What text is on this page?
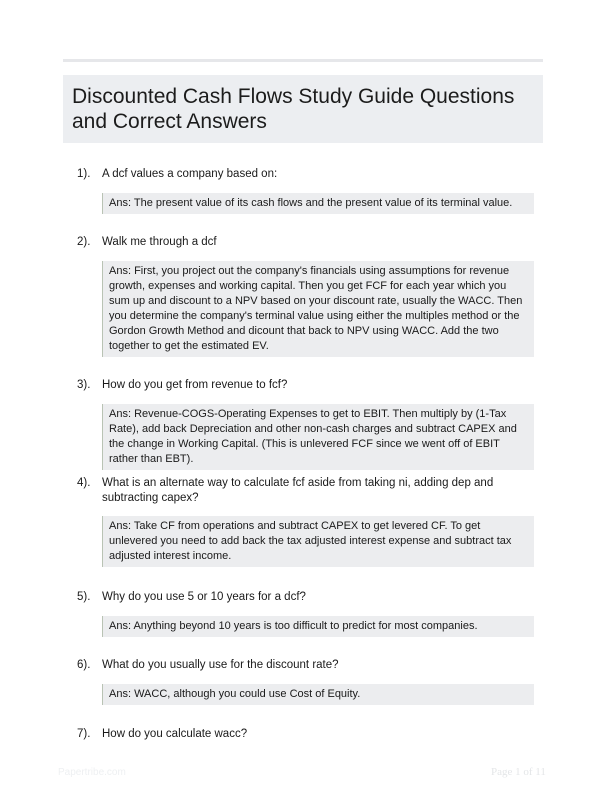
Discounted Cash Flows Study Guide Questions and Correct Answers
1). A dcf values a company based on:
Ans: The present value of its cash flows and the present value of its terminal value.
2). Walk me through a dcf
Ans: First, you project out the company's financials using assumptions for revenue growth, expenses and working capital. Then you get FCF for each year which you sum up and discount to a NPV based on your discount rate, usually the WACC. Then you determine the company's terminal value using either the multiples method or the Gordon Growth Method and dicount that back to NPV using WACC. Add the two together to get the estimated EV.
3). How do you get from revenue to fcf?
Ans: Revenue-COGS-Operating Expenses to get to EBIT. Then multiply by (1-Tax Rate), add back Depreciation and other non-cash charges and subtract CAPEX and the change in Working Capital. (This is unlevered FCF since we went off of EBIT rather than EBT).
4). What is an alternate way to calculate fcf aside from taking ni, adding dep and subtracting capex?
Ans: Take CF from operations and subtract CAPEX to get levered CF. To get unlevered you need to add back the tax adjusted interest expense and subtract tax adjusted interest income.
5). Why do you use 5 or 10 years for a dcf?
Ans: Anything beyond 10 years is too difficult to predict for most companies.
6). What do you usually use for the discount rate?
Ans: WACC, although you could use Cost of Equity.
7). How do you calculate wacc?
Papertribe.com	Page 1 of 11
